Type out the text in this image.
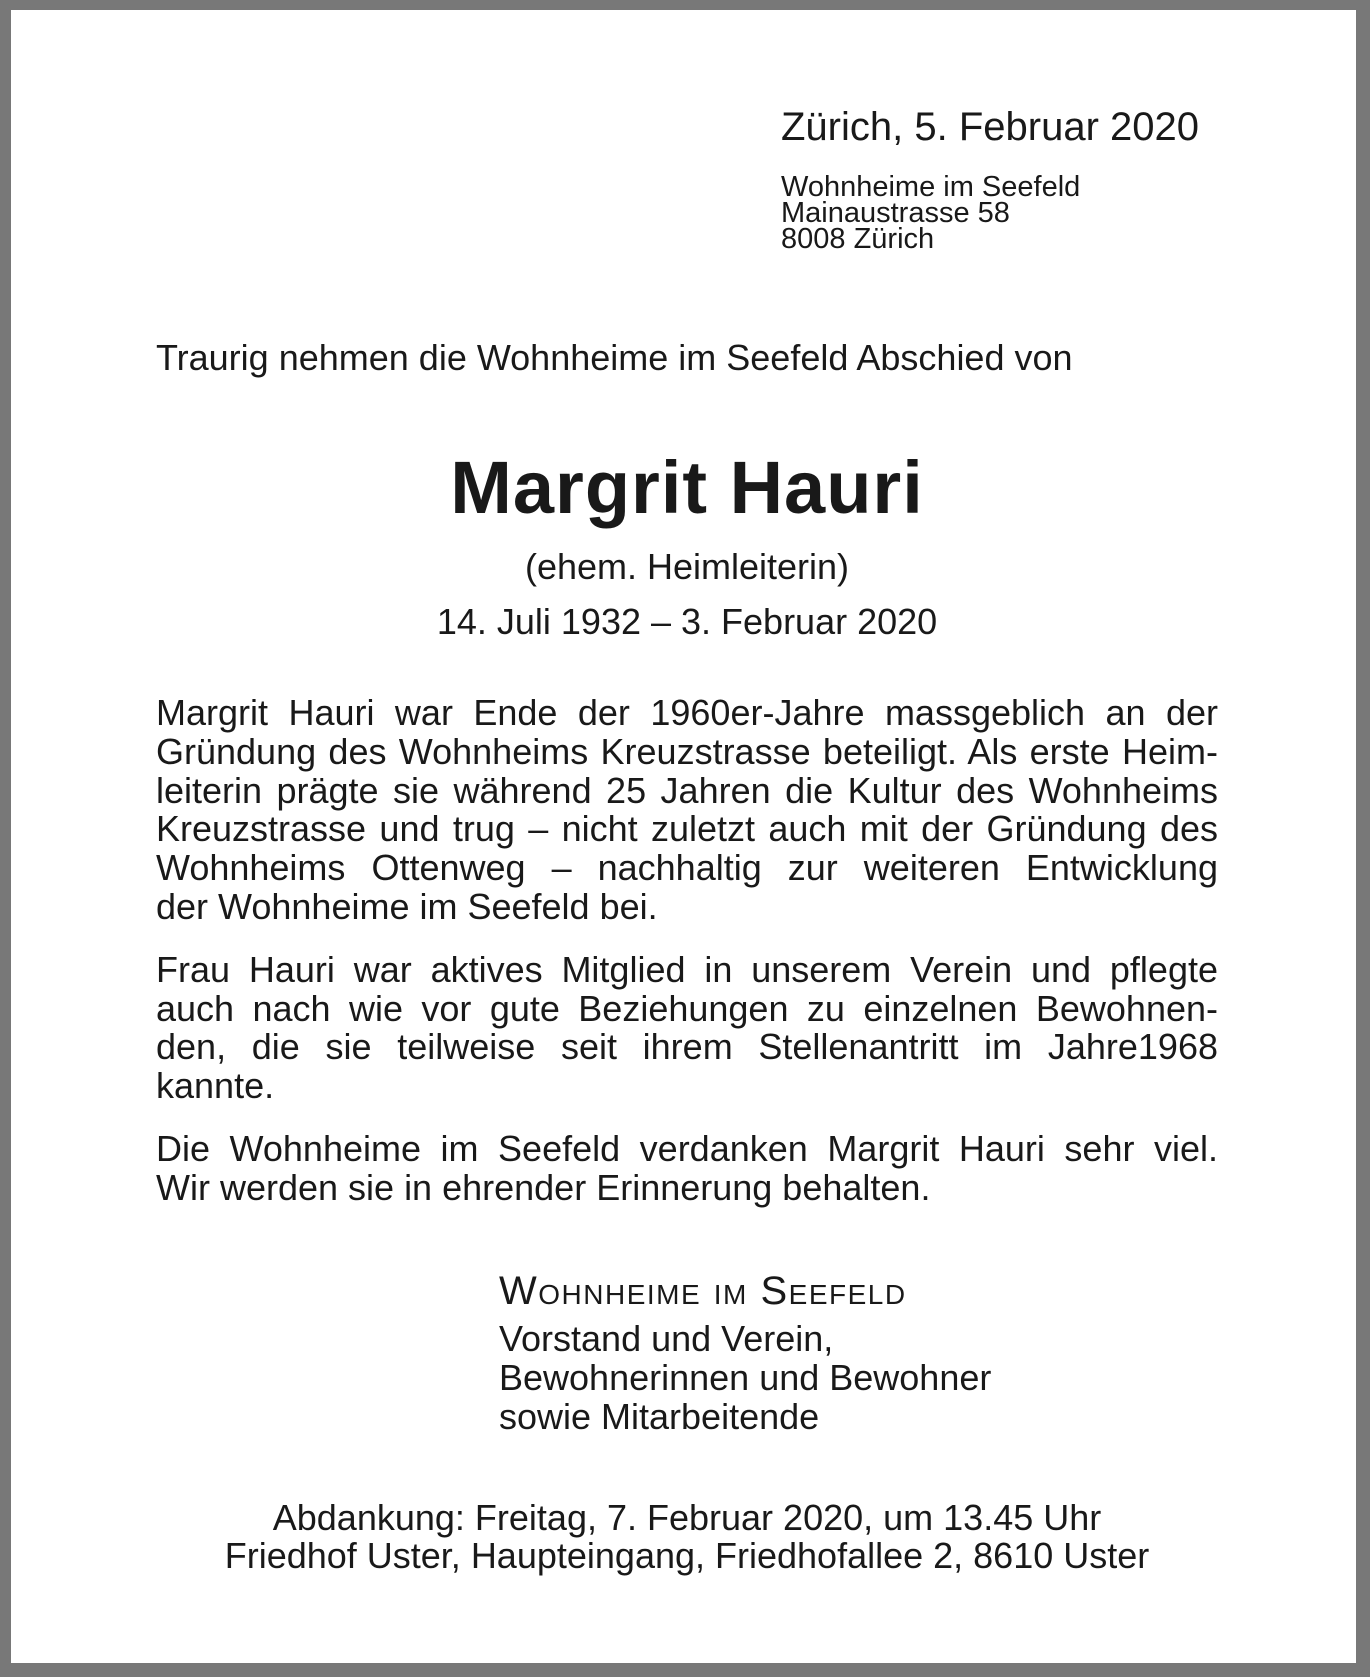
Zürich, 5. Februar 2020
Wohnheime im Seefeld
Mainaustrasse 58
8008 Zürich
Traurig nehmen die Wohnheime im Seefeld Abschied von
Margrit Hauri
(ehem. Heimleiterin)
14. Juli 1932 – 3. Februar 2020
Margrit Hauri war Ende der 1960er-Jahre massgeblich an der
Gründung des Wohnheims Kreuzstrasse beteiligt. Als erste Heim-
leiterin prägte sie während 25 Jahren die Kultur des Wohnheims
Kreuzstrasse und trug – nicht zuletzt auch mit der Gründung des
Wohnheims Ottenweg – nachhaltig zur weiteren Entwicklung
der Wohnheime im Seefeld bei.
Frau Hauri war aktives Mitglied in unserem Verein und pflegte
auch nach wie vor gute Beziehungen zu einzelnen Bewohnen-
den, die sie teilweise seit ihrem Stellenantritt im Jahre1968
kannte.
Die Wohnheime im Seefeld verdanken Margrit Hauri sehr viel.
Wir werden sie in ehrender Erinnerung behalten.
Wohnheime im Seefeld
Vorstand und Verein,
Bewohnerinnen und Bewohner
sowie Mitarbeitende
Abdankung: Freitag, 7. Februar 2020, um 13.45 Uhr
Friedhof Uster, Haupteingang, Friedhofallee 2, 8610 Uster
